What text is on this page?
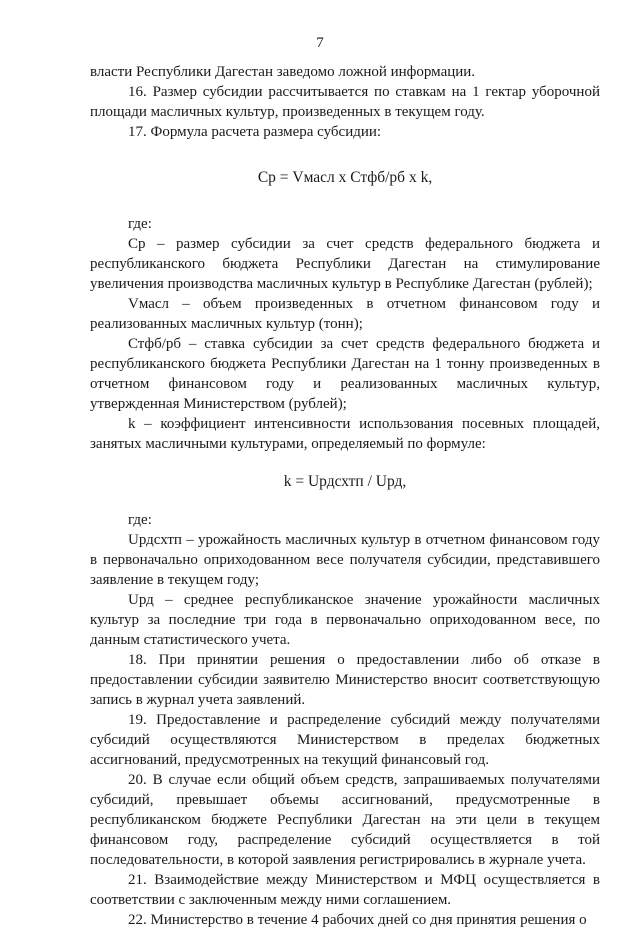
7

власти Республики Дагестан заведомо ложной информации.

16. Размер субсидии рассчитывается по ставкам на 1 гектар уборочной площади масличных культур, произведенных в текущем году.

17. Формула расчета размера субсидии:

Ср = Vмасл х Стфб/рб х k,

где:

Ср – размер субсидии за счет средств федерального бюджета и республиканского бюджета Республики Дагестан на стимулирование увеличения производства масличных культур в Республике Дагестан (рублей);

Vмасл – объем произведенных в отчетном финансовом году и реализованных масличных культур (тонн);

Стфб/рб – ставка субсидии за счет средств федерального бюджета и республиканского бюджета Республики Дагестан на 1 тонну произведенных в отчетном финансовом году и реализованных масличных культур, утвержденная Министерством (рублей);

k – коэффициент интенсивности использования посевных площадей, занятых масличными культурами, определяемый по формуле:

k = Uрдсхтп / Uрд,

где:

Uрдсхтп – урожайность масличных культур в отчетном финансовом году в первоначально оприходованном весе получателя субсидии, представившего заявление в текущем году;

Uрд – среднее республиканское значение урожайности масличных культур за последние три года в первоначально оприходованном весе, по данным статистического учета.

18. При принятии решения о предоставлении либо об отказе в предоставлении субсидии заявителю Министерство вносит соответствующую запись в журнал учета заявлений.

19. Предоставление и распределение субсидий между получателями субсидий осуществляются Министерством в пределах бюджетных ассигнований, предусмотренных на текущий финансовый год.

20. В случае если общий объем средств, запрашиваемых получателями субсидий, превышает объемы ассигнований, предусмотренные в республиканском бюджете Республики Дагестан на эти цели в текущем финансовом году, распределение субсидий осуществляется в той последовательности, в которой заявления регистрировались в журнале учета.

21. Взаимодействие между Министерством и МФЦ осуществляется в соответствии с заключенным между ними соглашением.

22. Министерство в течение 4 рабочих дней со дня принятия решения о
